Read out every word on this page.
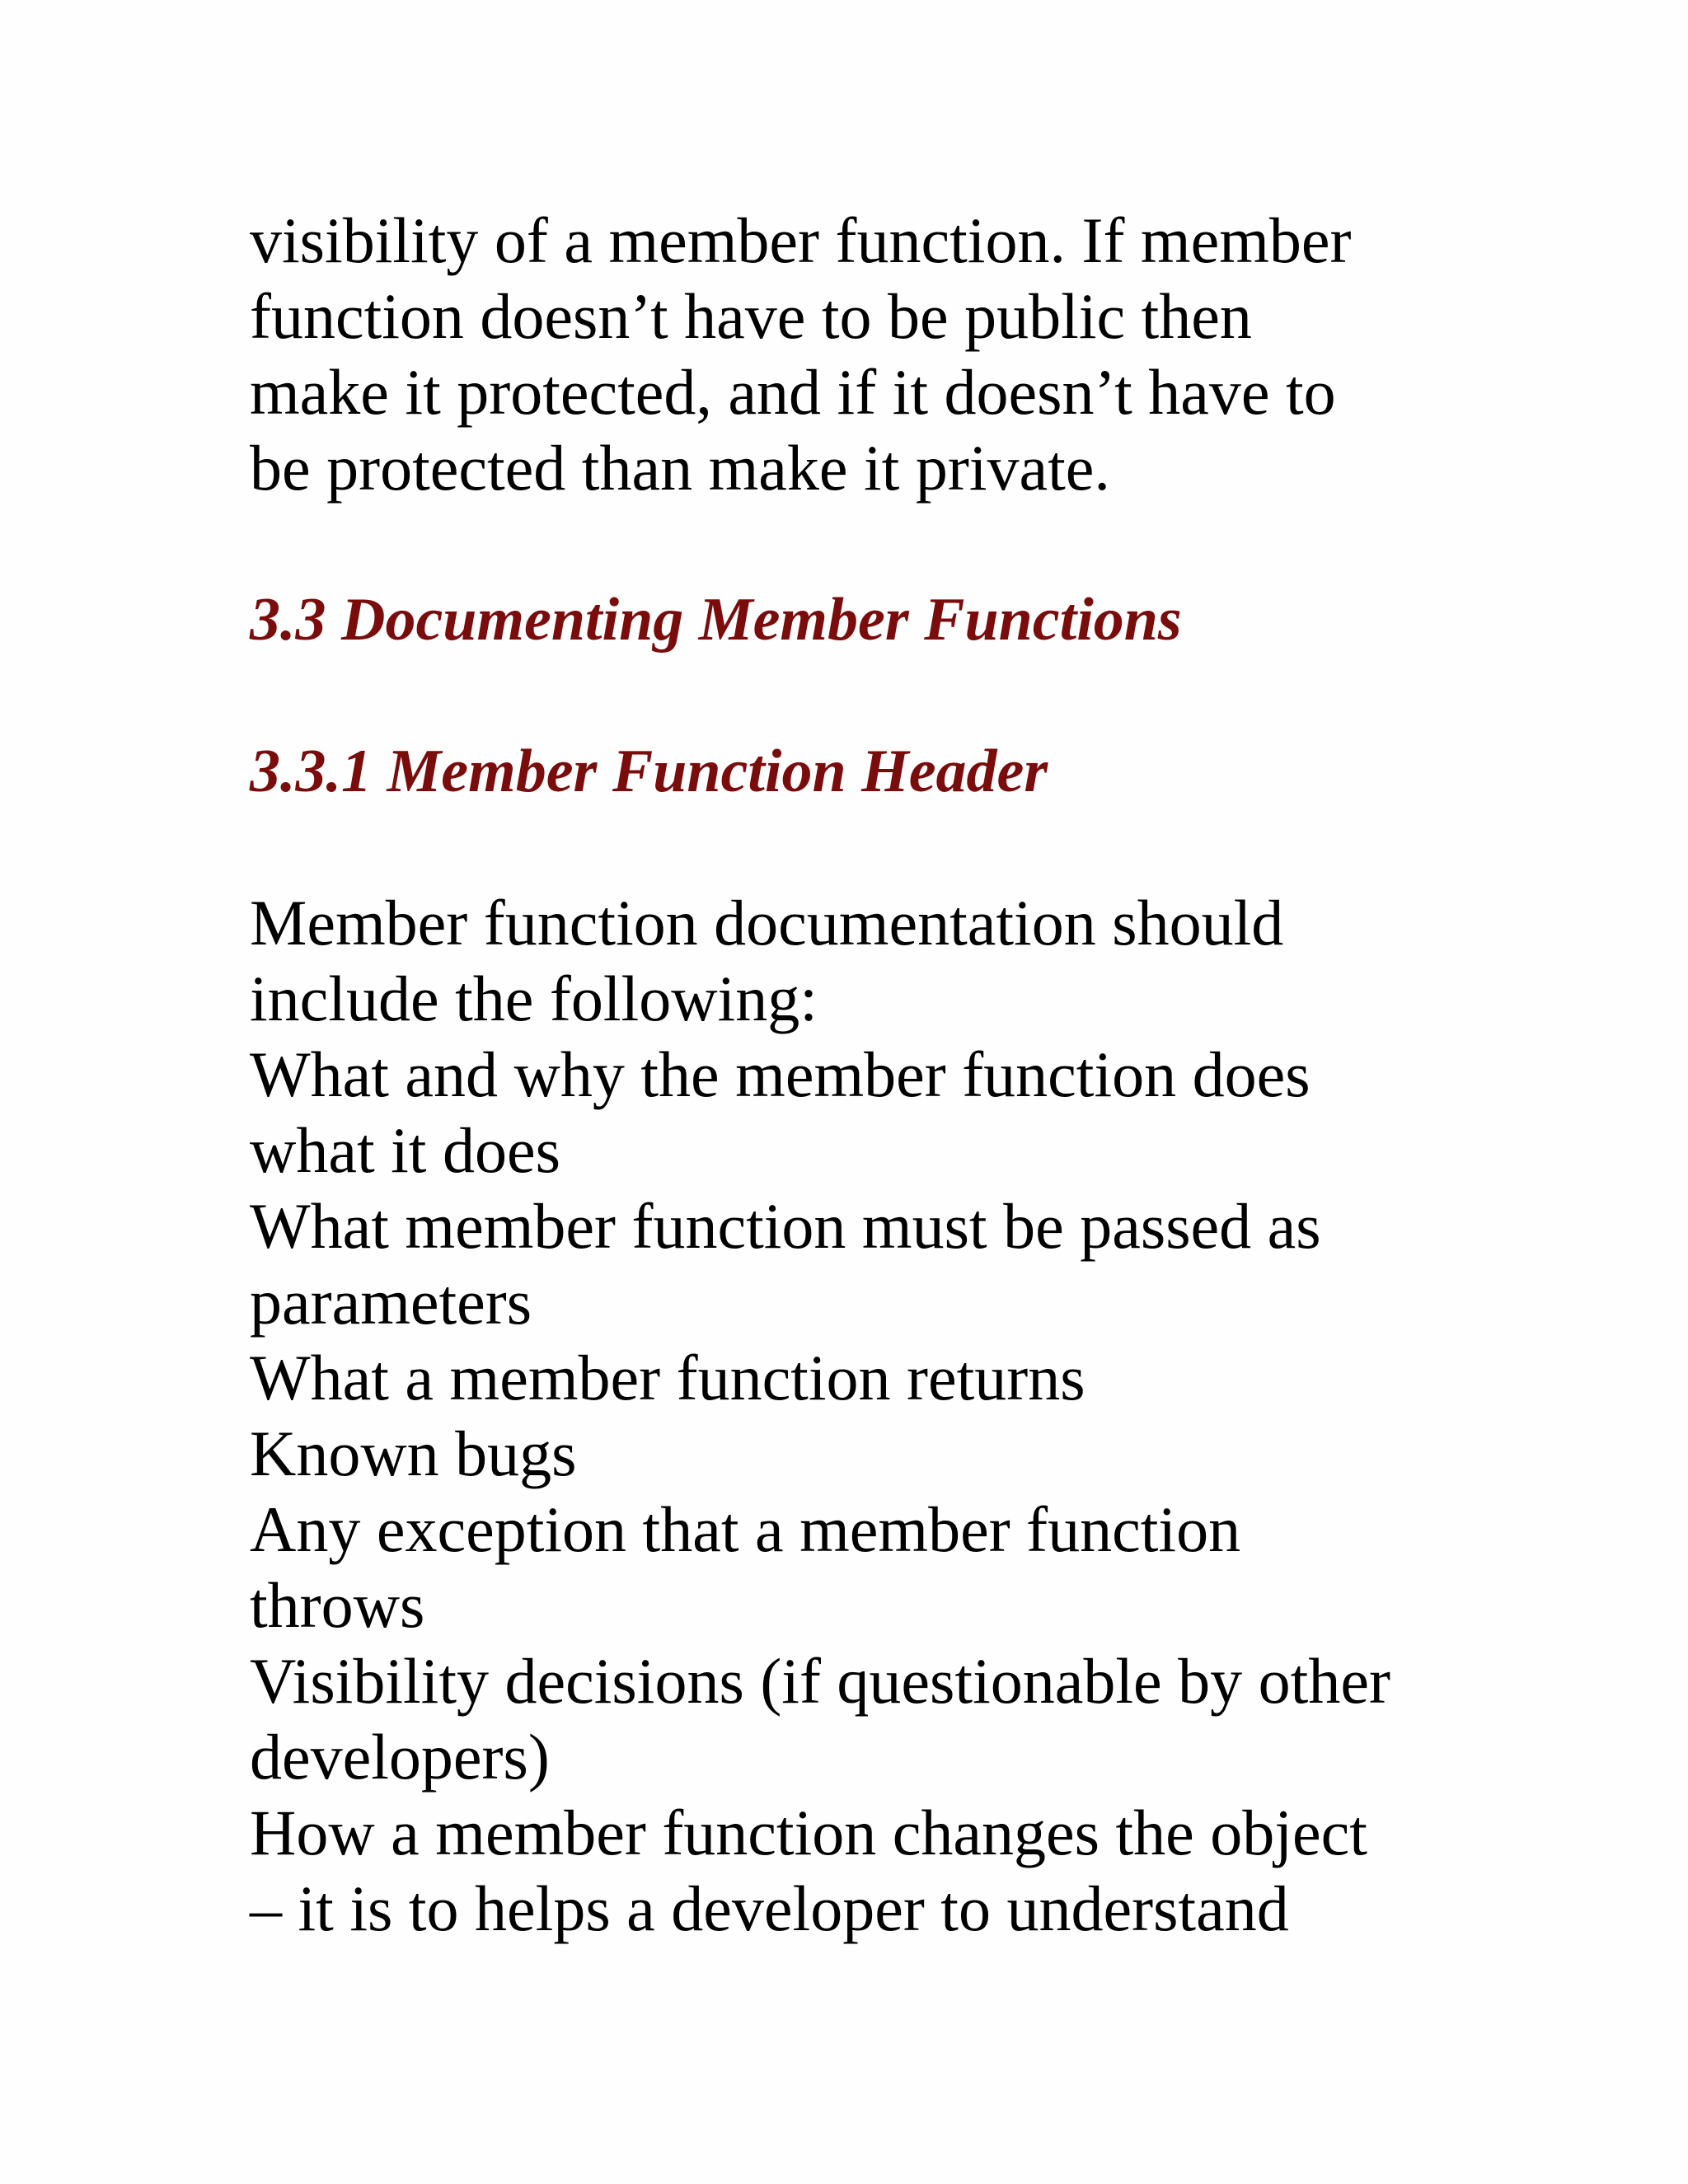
visibility of a member function. If member
function doesn’t have to be public then
make it protected, and if it doesn’t have to
be protected than make it private.
3.3 Documenting Member Functions
3.3.1 Member Function Header
Member function documentation should
include the following:
What and why the member function does
what it does
What member function must be passed as
parameters
What a member function returns
Known bugs
Any exception that a member function
throws
Visibility decisions (if questionable by other
developers)
How a member function changes the object
– it is to helps a developer to understand
